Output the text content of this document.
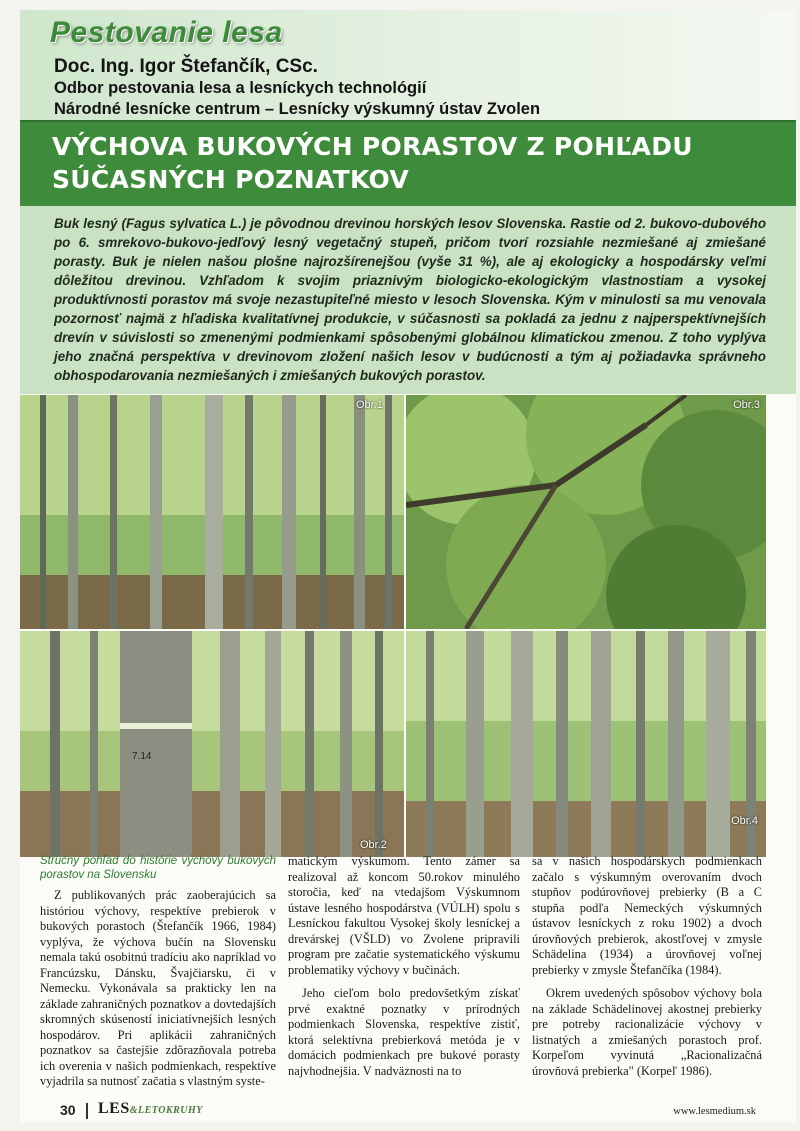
Pestovanie lesa
Doc. Ing. Igor Štefančík, CSc.
Odbor pestovania lesa a lesníckych technológií
Národné lesnícke centrum – Lesnícky výskumný ústav Zvolen
VÝCHOVA BUKOVÝCH PORASTOV Z POHĽADU
SÚČASNÝCH POZNATKOV
Buk lesný (Fagus sylvatica L.) je pôvodnou drevinou horských lesov Slovenska. Rastie od 2. bukovo-dubového po 6. smrekovo-bukovo-jedľový lesný vegetačný stupeň, pričom tvorí rozsiahle nezmiešané aj zmiešané porasty. Buk je nielen našou plošne najrozšírenejšou (vyše 31 %), ale aj ekologicky a hospodársky veľmi dôležitou drevinou. Vzhľadom k svojim priaznivým biologicko-ekologickým vlastnostiam a vysokej produktívnosti porastov má svoje nezastupiteľné miesto v lesoch Slovenska. Kým v minulosti sa mu venovala pozornosť najmä z hľadiska kvalitatívnej produkcie, v súčasnosti sa pokladá za jednu z najperspektívnejších drevín v súvislosti so zmenenými podmienkami spôsobenými globálnou klimatickou zmenou. Z toho vyplýva jeho značná perspektíva v drevinovom zložení našich lesov v budúcnosti a tým aj požiadavka správneho obhospodarovania nezmiešaných i zmiešaných bukových porastov.
Obr.1	Obr.3
7.14
Obr.2
Obr.4
Stručný pohľad do histórie výchovy bukových porastov na Slovensku

Z publikovaných prác zaoberajúcich sa históriou výchovy, respektíve prebierok v bukových porastoch (Štefančík 1966, 1984) vyplýva, že výchova bučín na Slovensku nemala takú osobitnú tradíciu ako napríklad vo Francúzsku, Dánsku, Švajčiarsku, či v Nemecku. Vykonávala sa prakticky len na základe zahraničných poznatkov a dovtedajších skromných skúseností iniciatívnejších lesných hospodárov. Pri aplikácii zahraničných poznatkov sa častejšie zdôrazňovala potreba ich overenia v našich podmienkach, respektíve vyjadrila sa nutnosť začatia s vlastným syste-

matickým výskumom. Tento zámer sa realizoval až koncom 50.rokov minulého storočia, keď na vtedajšom Výskumnom ústave lesného hospodárstva (VÚLH) spolu s Lesníckou fakultou Vysokej školy lesníckej a drevárskej (VŠLD) vo Zvolene pripravili program pre začatie systematického výskumu problematiky výchovy v bučinách.

Jeho cieľom bolo predovšetkým získať prvé exaktné poznatky v prírodných podmienkach Slovenska, respektíve zistiť, ktorá selektívna prebierková metóda je v domácich podmienkach pre bukové porasty najvhodnejšia. V nadväznosti na to

sa v našich hospodárskych podmienkach začalo s výskumným overovaním dvoch stupňov podúrovňovej prebierky (B a C stupňa podľa Nemeckých výskumných ústavov lesníckych z roku 1902) a dvoch úrovňových prebierok, akostľovej v zmysle Schädelina (1934) a úrovňovej voľnej prebierky v zmysle Štefančíka (1984).

Okrem uvedených spôsobov výchovy bola na základe Schädelinovej akostnej prebierky pre potreby racionalizácie výchovy v listnatých a zmiešaných porastoch prof. Korpeľom vyvinutá „Racionalizačná úrovňová prebierka" (Korpeľ 1986).

30 LES&LETOKRUHY	www.lesmedium.sk
